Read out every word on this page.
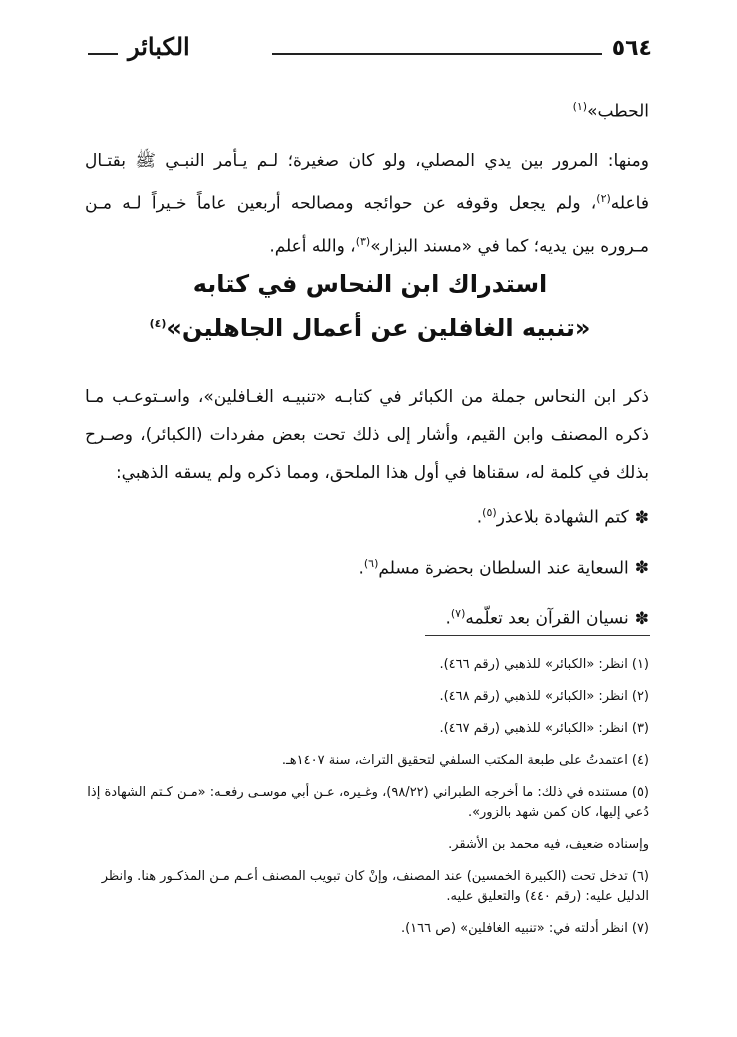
٥٦٤
الكبائر
الحطب»$^{(١)}$
ومنها: المرور بين يدي المصلي، ولو كان صغيرة؛ لـم يـأمر النبـي ﷺ بقتـال فاعله$^{(٢)}$، ولم يجعل وقوفه عن حوائجه ومصالحه أربعين عاماً خـيراً لـه مـن مـروره بين يديه؛ كما في «مسند البزار»$^{(٣)}$، والله أعلم.
استدراك ابن النحاس في كتابه
«تنبيه الغافلين عن أعمال الجاهلين»$^{(٤)}$
ذكر ابن النحاس جملة من الكبائر في كتابـه «تنبيـه الغـافلين»، واسـتوعـب مـا ذكره المصنف وابن القيم، وأشار إلى ذلك تحت بعض مفردات (الكبائر)، وصـرح بذلك في كلمة له، سقناها في أول هذا الملحق، ومما ذكره ولم يسقه الذهبي:
✽كتم الشهادة بلاعذر$^{(٥)}$.
✽السعاية عند السلطان بحضرة مسلم$^{(٦)}$.
✽نسيان القرآن بعد تعلّمه$^{(٧)}$.
(١)انظر: «الكبائر» للذهبي (رقم ٤٦٦).
(٢)انظر: «الكبائر» للذهبي (رقم ٤٦٨).
(٣)انظر: «الكبائر» للذهبي (رقم ٤٦٧).
(٤)اعتمدتُ على طبعة المكتب السلفي لتحقيق التراث، سنة ١٤٠٧هـ.
(٥)مستنده في ذلك: ما أخرجه الطبراني (٩٨/٢٢)، وغـيره، عـن أبي موسـى رفعـه: «مـن كـتم الشهادة إذا دُعي إليها، كان كمن شهد بالزور».
وإسناده ضعيف، فيه محمد بن الأشقر.
(٦)تدخل تحت (الكبيرة الخمسين) عند المصنف، وإنْ كان تبويب المصنف أعـم مـن المذكـور هنا. وانظر الدليل عليه: (رقم ٤٤٠) والتعليق عليه.
(٧)انظر أدلته في: «تنبيه الغافلين» (ص ١٦٦).
